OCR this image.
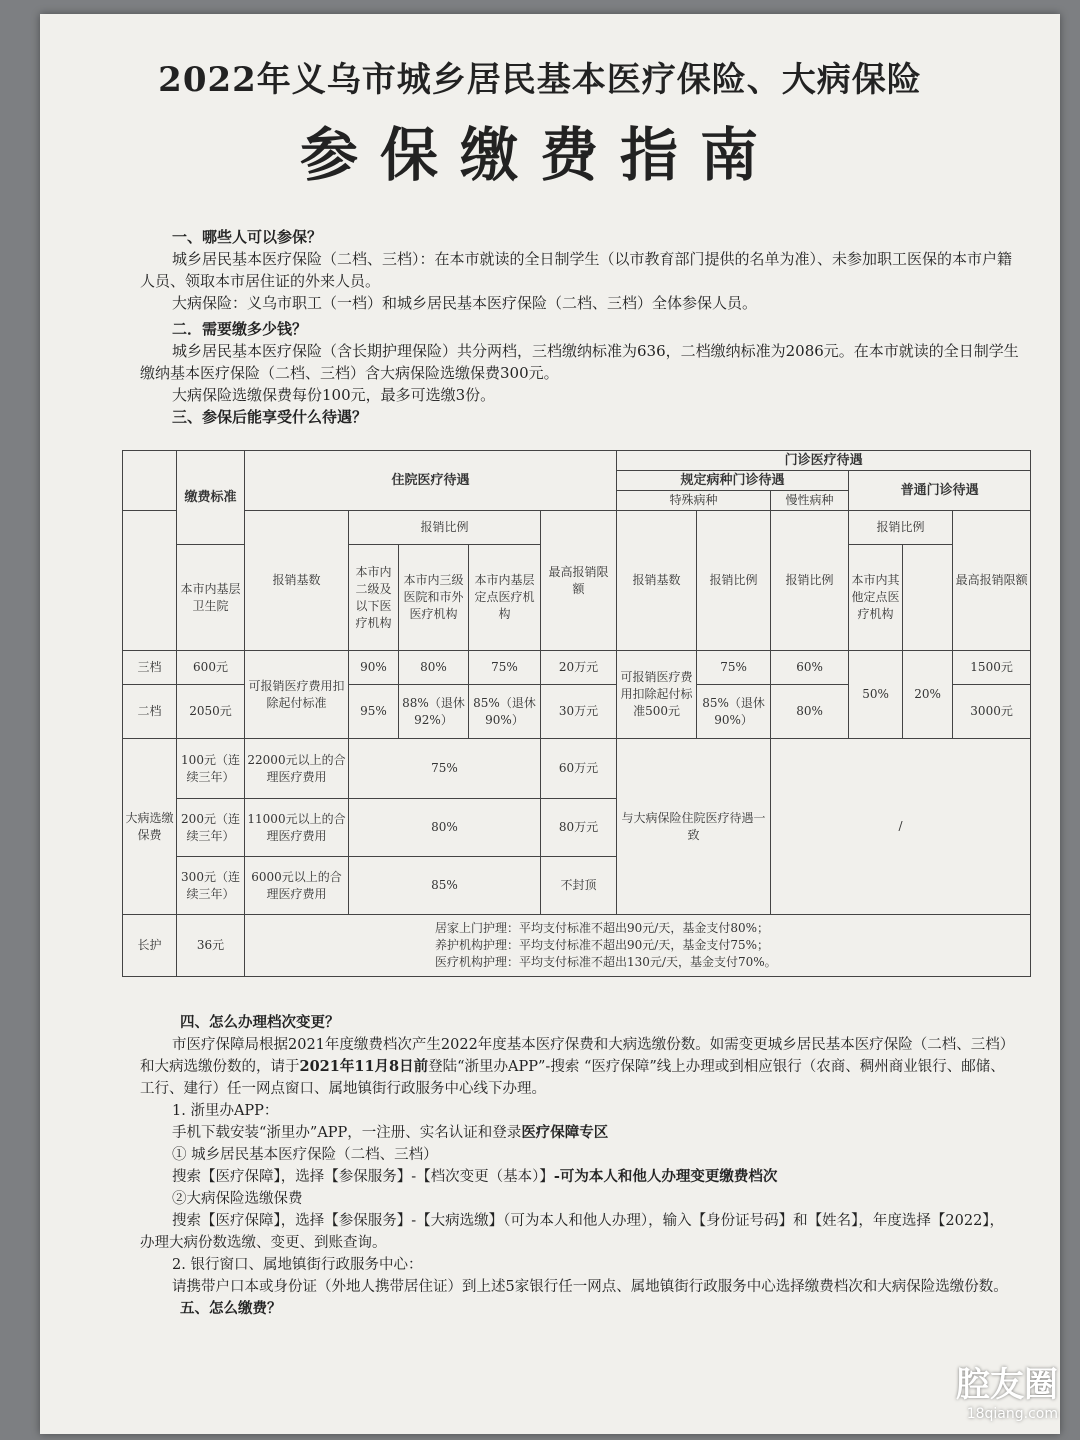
2022年义乌市城乡居民基本医疗保险、大病保险
参保缴费指南
一、哪些人可以参保？
城乡居民基本医疗保险（二档、三档）：在本市就读的全日制学生（以市教育部门提供的名单为准）、未参加职工医保的本市户籍人员、领取本市居住证的外来人员。
大病保险：义乌市职工（一档）和城乡居民基本医疗保险（二档、三档）全体参保人员。
二．需要缴多少钱？
城乡居民基本医疗保险（含长期护理保险）共分两档，三档缴纳标准为636，二档缴纳标准为2086元。在本市就读的全日制学生缴纳基本医疗保险（二档、三档）含大病保险选缴保费300元。
大病保险选缴保费每份100元，最多可选缴3份。
三、参保后能享受什么待遇？
	缴费标准	住院医疗待遇					门诊医疗待遇					
							规定病种门诊待遇			普通门诊待遇		
							特殊病种		慢性病种			
		报销基数	报销比例			最高报销限额	报销基数	报销比例	报销比例	报销比例		最高报销限额
	本市内基层卫生院		本市内二级及以下医疗机构	本市内三级医院和市外医疗机构	本市内基层定点医疗机构					本市内其他定点医疗机构		
三档	600元	可报销医疗费用扣除起付标准	90%	80%	75%	20万元	可报销医疗费用扣除起付标准500元	75%	60%	50%	20%	1500元
二档	2050元		95%	88%（退休92%）	85%（退休90%）	30万元		85%（退休90%）	80%			3000元
大病选缴保费	100元（连续三年）	22000元以上的合理医疗费用	75%			60万元	与大病保险住院医疗待遇一致		/			
	200元（连续三年）	11000元以上的合理医疗费用	80%			80万元						
	300元（连续三年）	6000元以上的合理医疗费用	85%			不封顶						
长护	36元	居家上门护理：平均支付标准不超出90元/天，基金支付80%；
养护机构护理：平均支付标准不超出90元/天，基金支付75%；
医疗机构护理：平均支付标准不超出130元/天，基金支付70%。										
四、怎么办理档次变更？
市医疗保障局根据2021年度缴费档次产生2022年度基本医疗保费和大病选缴份数。如需变更城乡居民基本医疗保险（二档、三档）和大病选缴份数的，请于2021年11月8日前登陆“浙里办APP”-搜索 “医疗保障”线上办理或到相应银行（农商、稠州商业银行、邮储、工行、建行）任一网点窗口、属地镇街行政服务中心线下办理。
1. 浙里办APP：
手机下载安装“浙里办”APP，一注册、实名认证和登录医疗保障专区
① 城乡居民基本医疗保险（二档、三档）
搜索【医疗保障】，选择【参保服务】-【档次变更（基本）】-可为本人和他人办理变更缴费档次
②大病保险选缴保费
搜索【医疗保障】，选择【参保服务】-【大病选缴】（可为本人和他人办理），输入【身份证号码】和【姓名】，年度选择【2022】，办理大病份数选缴、变更、到账查询。
2. 银行窗口、属地镇街行政服务中心：
请携带户口本或身份证（外地人携带居住证）到上述5家银行任一网点、属地镇街行政服务中心选择缴费档次和大病保险选缴份数。
五、怎么缴费？
腔友圈
18qiang.com
